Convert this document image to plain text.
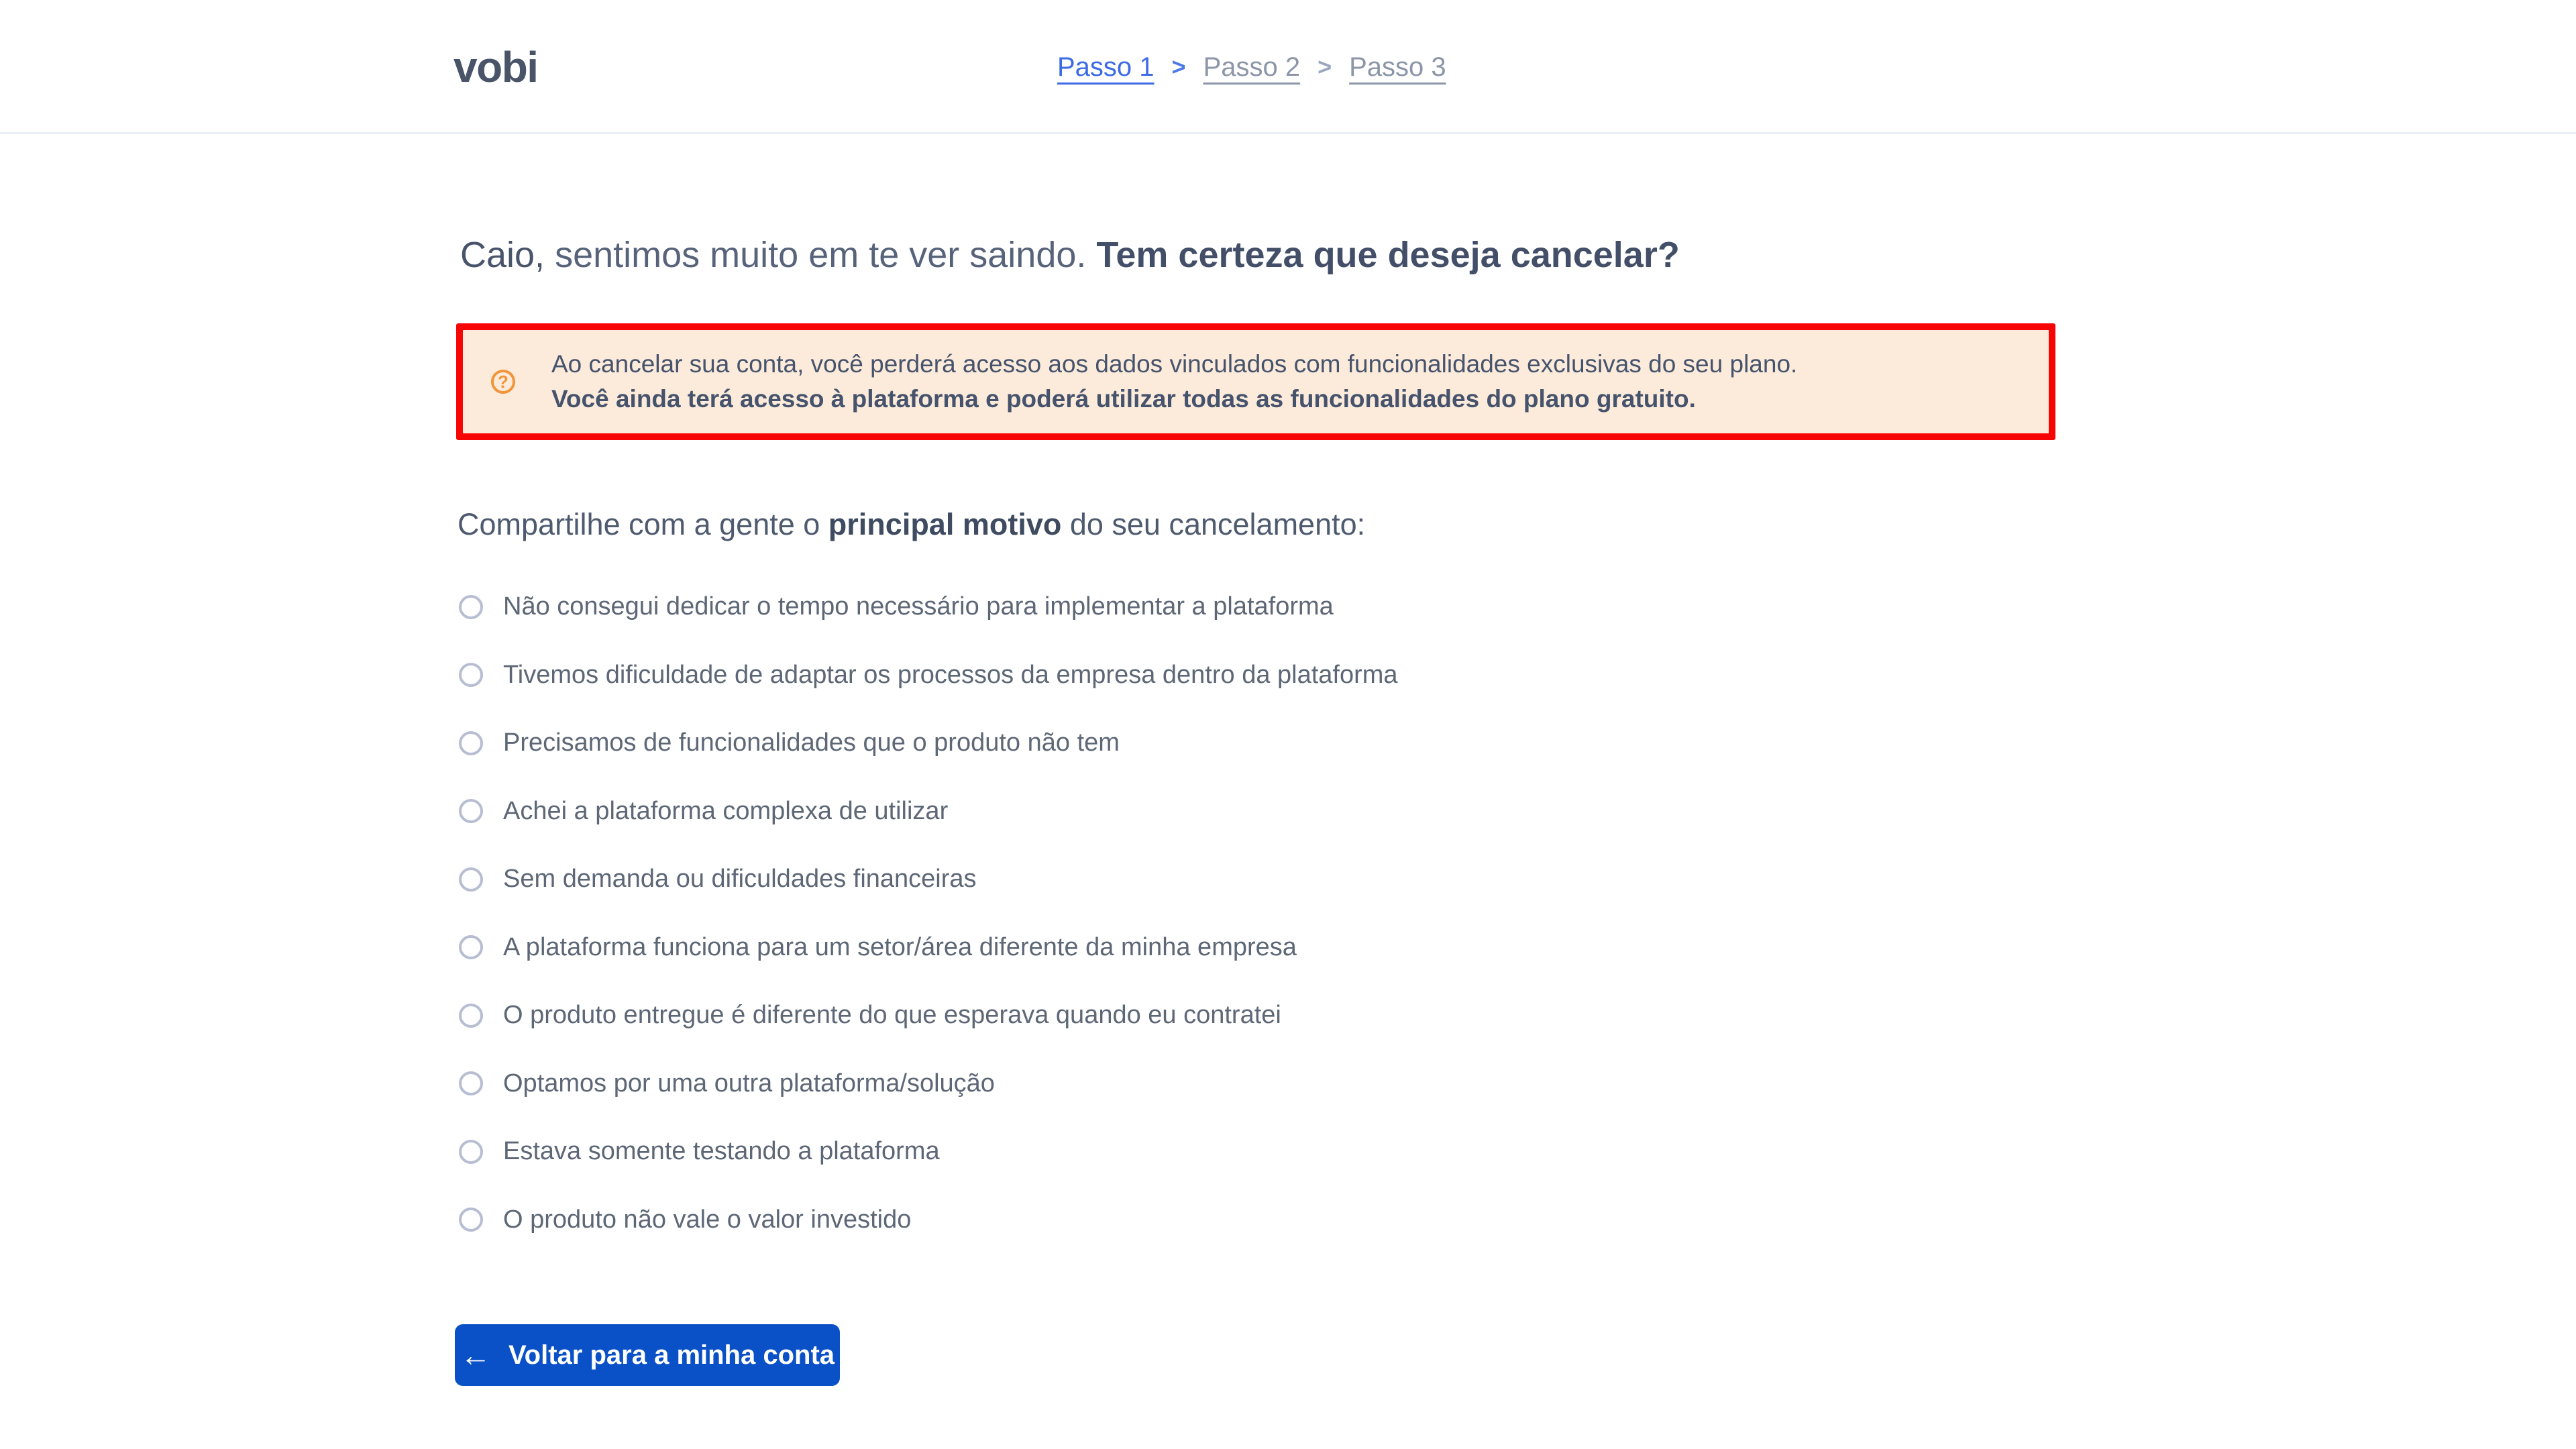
vobi	Passo 1 > Passo 2 > Passo 3
Caio, sentimos muito em te ver saindo. Tem certeza que deseja cancelar?
?
Ao cancelar sua conta, você perderá acesso aos dados vinculados com funcionalidades exclusivas do seu plano.
Você ainda terá acesso à plataforma e poderá utilizar todas as funcionalidades do plano gratuito.

Compartilhe com a gente o principal motivo do seu cancelamento:

Não consegui dedicar o tempo necessário para implementar a plataforma
Tivemos dificuldade de adaptar os processos da empresa dentro da plataforma
Precisamos de funcionalidades que o produto não tem
Achei a plataforma complexa de utilizar
Sem demanda ou dificuldades financeiras
A plataforma funciona para um setor/área diferente da minha empresa
O produto entregue é diferente do que esperava quando eu contratei
Optamos por uma outra plataforma/solução
Estava somente testando a plataforma
O produto não vale o valor investido
← Voltar para a minha conta
